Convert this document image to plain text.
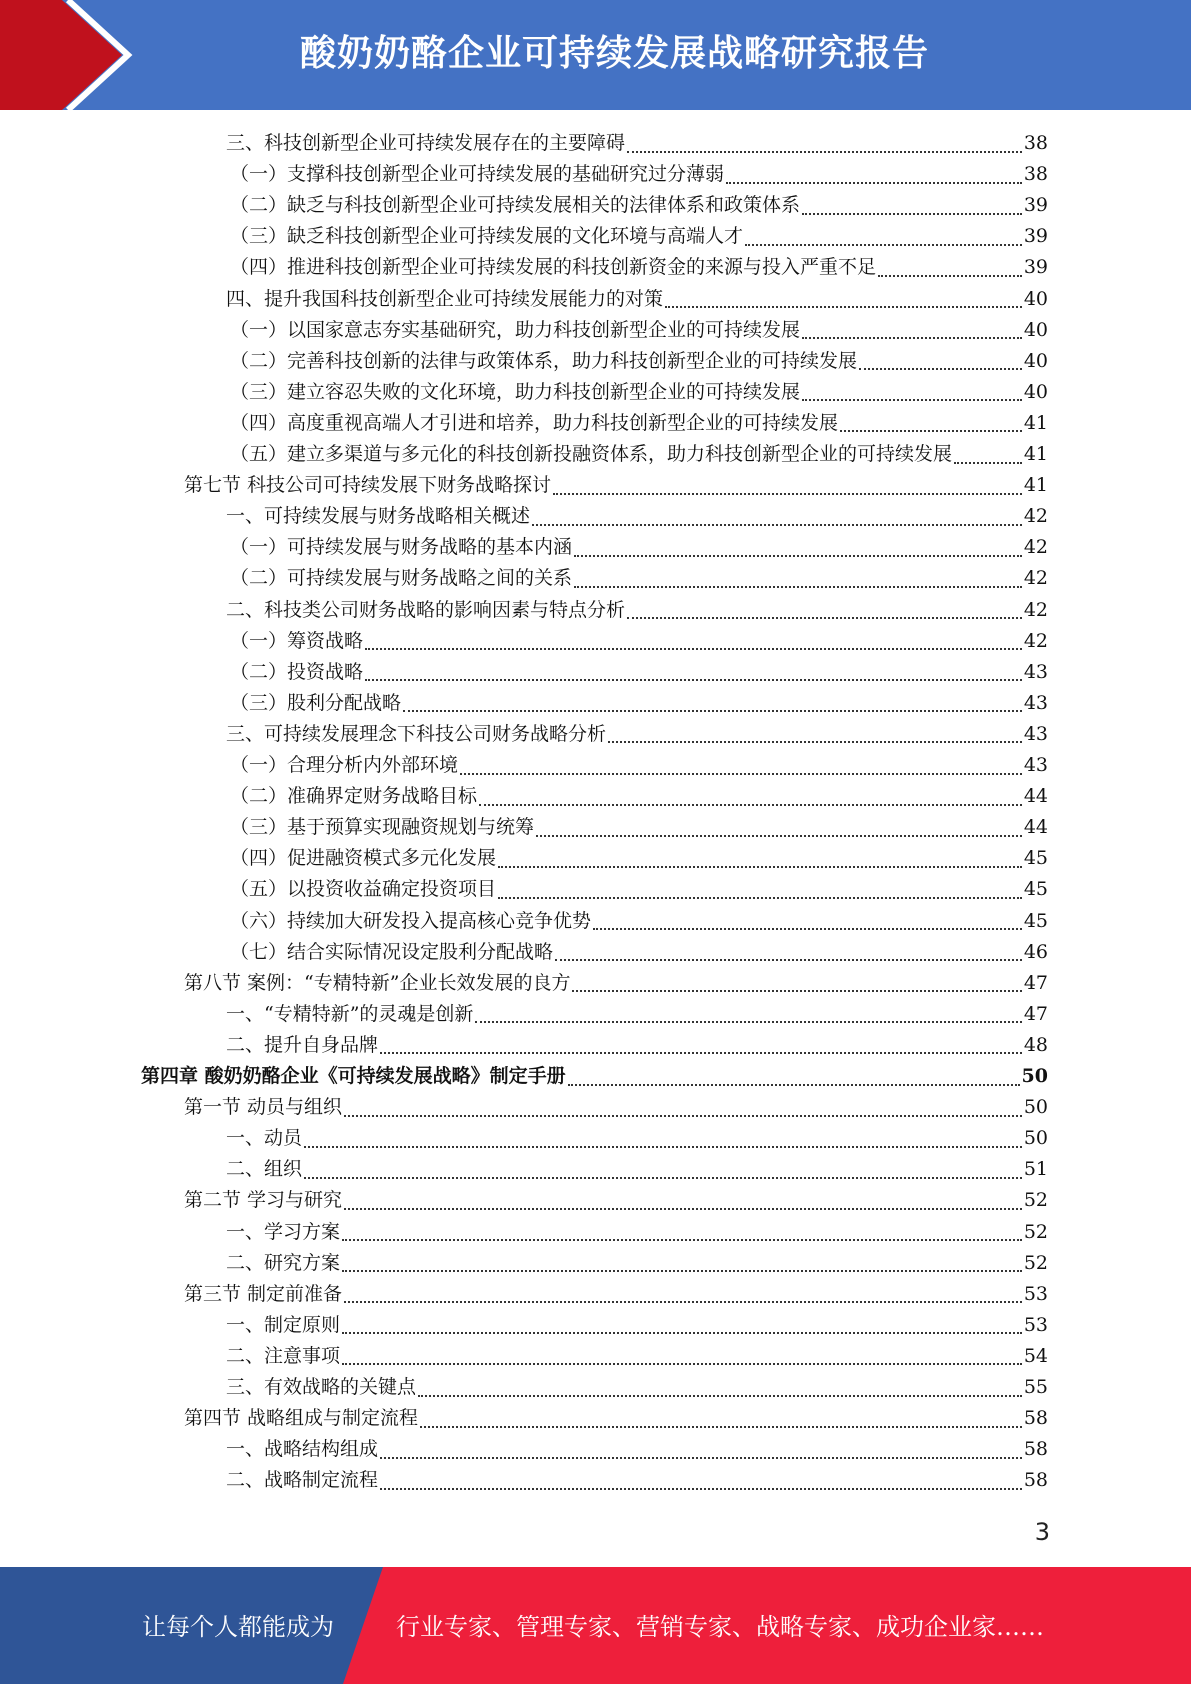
酸奶奶酪企业可持续发展战略研究报告
三、科技创新型企业可持续发展存在的主要障碍	38
（一）支撑科技创新型企业可持续发展的基础研究过分薄弱	38
（二）缺乏与科技创新型企业可持续发展相关的法律体系和政策体系	39
（三）缺乏科技创新型企业可持续发展的文化环境与高端人才	39
（四）推进科技创新型企业可持续发展的科技创新资金的来源与投入严重不足	39
四、提升我国科技创新型企业可持续发展能力的对策	40
（一）以国家意志夯实基础研究，助力科技创新型企业的可持续发展	40
（二）完善科技创新的法律与政策体系，助力科技创新型企业的可持续发展	40
（三）建立容忍失败的文化环境，助力科技创新型企业的可持续发展	40
（四）高度重视高端人才引进和培养，助力科技创新型企业的可持续发展	41
（五）建立多渠道与多元化的科技创新投融资体系，助力科技创新型企业的可持续发展	41
第七节 科技公司可持续发展下财务战略探讨	41
一、可持续发展与财务战略相关概述	42
（一）可持续发展与财务战略的基本内涵	42
（二）可持续发展与财务战略之间的关系	42
二、科技类公司财务战略的影响因素与特点分析	42
（一）筹资战略	42
（二）投资战略	43
（三）股利分配战略	43
三、可持续发展理念下科技公司财务战略分析	43
（一）合理分析内外部环境	43
（二）准确界定财务战略目标	44
（三）基于预算实现融资规划与统筹	44
（四）促进融资模式多元化发展	45
（五）以投资收益确定投资项目	45
（六）持续加大研发投入提高核心竞争优势	45
（七）结合实际情况设定股利分配战略	46
第八节 案例：“专精特新”企业长效发展的良方	47
一、“专精特新”的灵魂是创新	47
二、提升自身品牌	48
第四章 酸奶奶酪企业《可持续发展战略》制定手册	50
第一节 动员与组织	50
一、动员	50
二、组织	51
第二节 学习与研究	52
一、学习方案	52
二、研究方案	52
第三节 制定前准备	53
一、制定原则	53
二、注意事项	54
三、有效战略的关键点	55
第四节 战略组成与制定流程	58
一、战略结构组成	58
二、战略制定流程	58
3
让每个人都能成为	行业专家、管理专家、营销专家、战略专家、成功企业家……
